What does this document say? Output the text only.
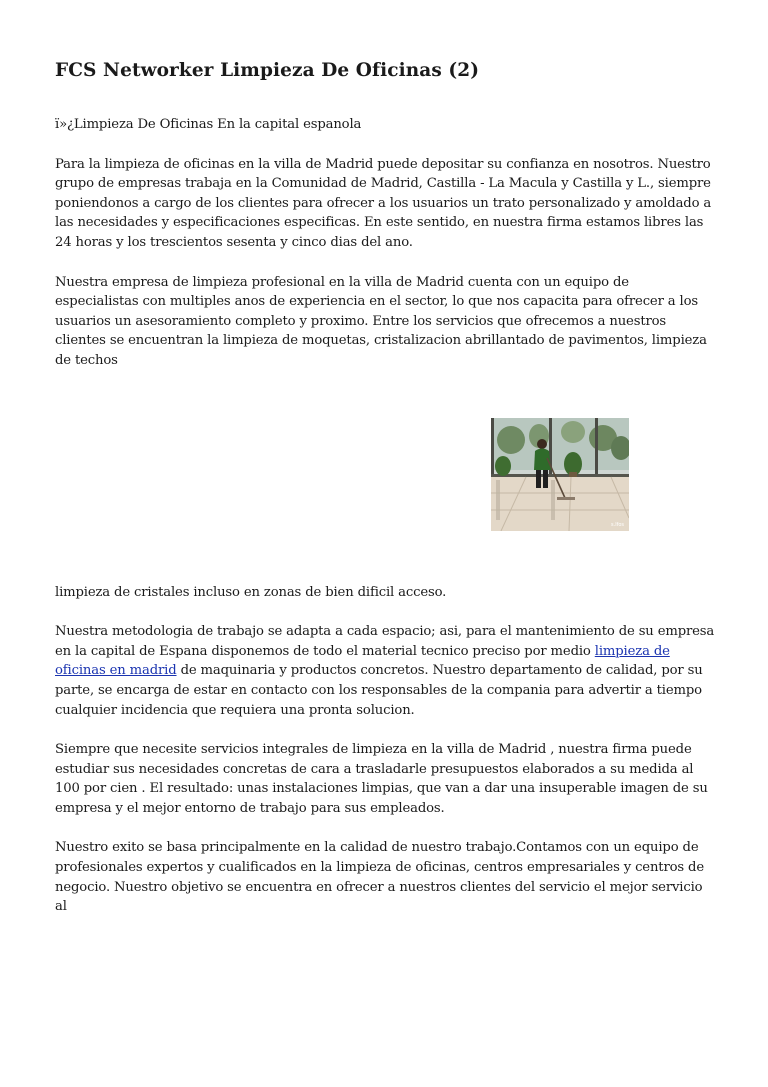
FCS Networker Limpieza De Oficinas (2)

ï»¿Limpieza De Oficinas En la capital espanola

Para la limpieza de oficinas en la villa de Madrid puede depositar su confianza en nosotros. Nuestro grupo de empresas trabaja en la Comunidad de Madrid, Castilla - La Macula y Castilla y L., siempre poniendonos a cargo de los clientes para ofrecer a los usuarios un trato personalizado y amoldado a las necesidades y especificaciones especificas. En este sentido, en nuestra firma estamos libres las 24 horas y los trescientos sesenta y cinco dias del ano.

Nuestra empresa de limpieza profesional en la villa de Madrid cuenta con un equipo de especialistas con multiples anos de experiencia en el sector, lo que nos capacita para ofrecer a los usuarios un asesoramiento completo y proximo. Entre los servicios que ofrecemos a nuestros clientes se encuentran la limpieza de moquetas, cristalizacion abrillantado de pavimentos, limpieza de techos

s.lfos

limpieza de cristales incluso en zonas de bien dificil acceso.

Nuestra metodologia de trabajo se adapta a cada espacio; asi, para el mantenimiento de su empresa en la capital de Espana disponemos de todo el material tecnico preciso por medio limpieza de oficinas en madrid de maquinaria y productos concretos. Nuestro departamento de calidad, por su parte, se encarga de estar en contacto con los responsables de la compania para advertir a tiempo cualquier incidencia que requiera una pronta solucion.

Siempre que necesite servicios integrales de limpieza en la villa de Madrid , nuestra firma puede estudiar sus necesidades concretas de cara a trasladarle presupuestos elaborados a su medida al 100 por cien . El resultado: unas instalaciones limpias, que van a dar una insuperable imagen de su empresa y el mejor entorno de trabajo para sus empleados.

Nuestro exito se basa principalmente en la calidad de nuestro trabajo.Contamos con un equipo de profesionales expertos y cualificados en la limpieza de oficinas, centros empresariales y centros de negocio. Nuestro objetivo se encuentra en ofrecer a nuestros clientes del servicio el mejor servicio al
